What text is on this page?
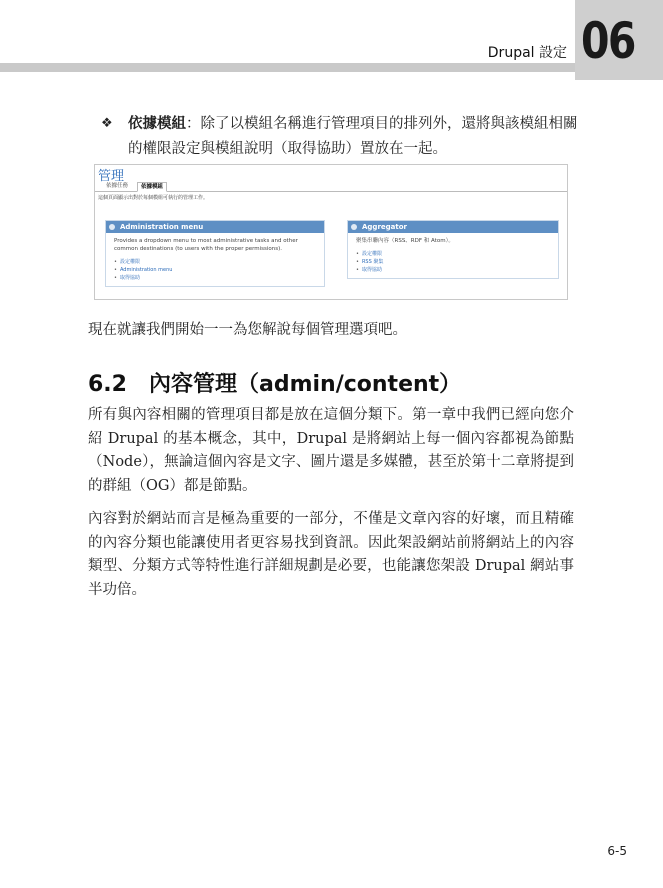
06
Drupal 設定
❖ 依據模組：除了以模組名稱進行管理項目的排列外，還將與該模組相關的權限設定與模組說明（取得協助）置放在一起。
管理
依據任務	依據模組
這個頁面顯示出對於每個模組可執行的管理工作。
Administration menu
Provides a dropdown menu to most administrative tasks and other common destinations (to users with the proper permissions).
• 設定權限
• Administration menu
• 取得協助
Aggregator
聚集串聯內容（RSS、RDF 和 Atom）。
• 設定權限
• RSS 聚集
• 取得協助
現在就讓我們開始一一為您解說每個管理選項吧。
6.2 內容管理（admin/content）
所有與內容相關的管理項目都是放在這個分類下。第一章中我們已經向您介紹 Drupal 的基本概念，其中，Drupal 是將網站上每一個內容都視為節點（Node），無論這個內容是文字、圖片還是多媒體，甚至於第十二章將提到的群組（OG）都是節點。
內容對於網站而言是極為重要的一部分，不僅是文章內容的好壞，而且精確的內容分類也能讓使用者更容易找到資訊。因此架設網站前將網站上的內容類型、分類方式等特性進行詳細規劃是必要，也能讓您架設 Drupal 網站事半功倍。
6-5
